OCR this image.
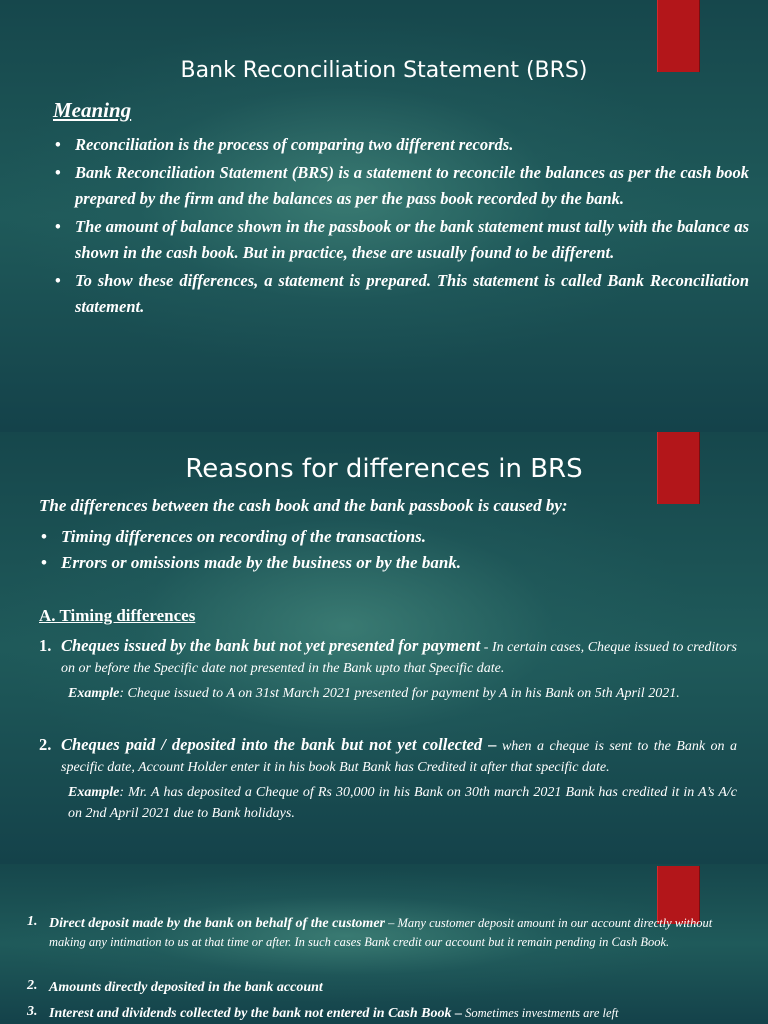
Bank Reconciliation Statement (BRS)
Meaning
• Reconciliation is the process of comparing two different records.
• Bank Reconciliation Statement (BRS) is a statement to reconcile the balances as per the cash book prepared by the firm and the balances as per the pass book recorded by the bank.
• The amount of balance shown in the passbook or the bank statement must tally with the balance as shown in the cash book. But in practice, these are usually found to be different.
• To show these differences, a statement is prepared. This statement is called Bank Reconciliation statement.
Reasons for differences in BRS
The differences between the cash book and the bank passbook is caused by:
• Timing differences on recording of the transactions.
• Errors or omissions made by the business or by the bank.
A. Timing differences
1. Cheques issued by the bank but not yet presented for payment - In certain cases, Cheque issued to creditors on or before the Specific date not presented in the Bank upto that Specific date.
Example: Cheque issued to A on 31st March 2021 presented for payment by A in his Bank on 5th April 2021.
2. Cheques paid / deposited into the bank but not yet collected – when a cheque is sent to the Bank on a specific date, Account Holder enter it in his book But Bank has Credited it after that specific date.
Example: Mr. A has deposited a Cheque of Rs 30,000 in his Bank on 30th march 2021 Bank has credited it in A’s A/c on 2nd April 2021 due to Bank holidays.
1. Direct deposit made by the bank on behalf of the customer – Many customer deposit amount in our account directly without making any intimation to us at that time or after. In such cases Bank credit our account but it remain pending in Cash Book.
2. Amounts directly deposited in the bank account
3. Interest and dividends collected by the bank not entered in Cash Book – Sometimes investments are left
